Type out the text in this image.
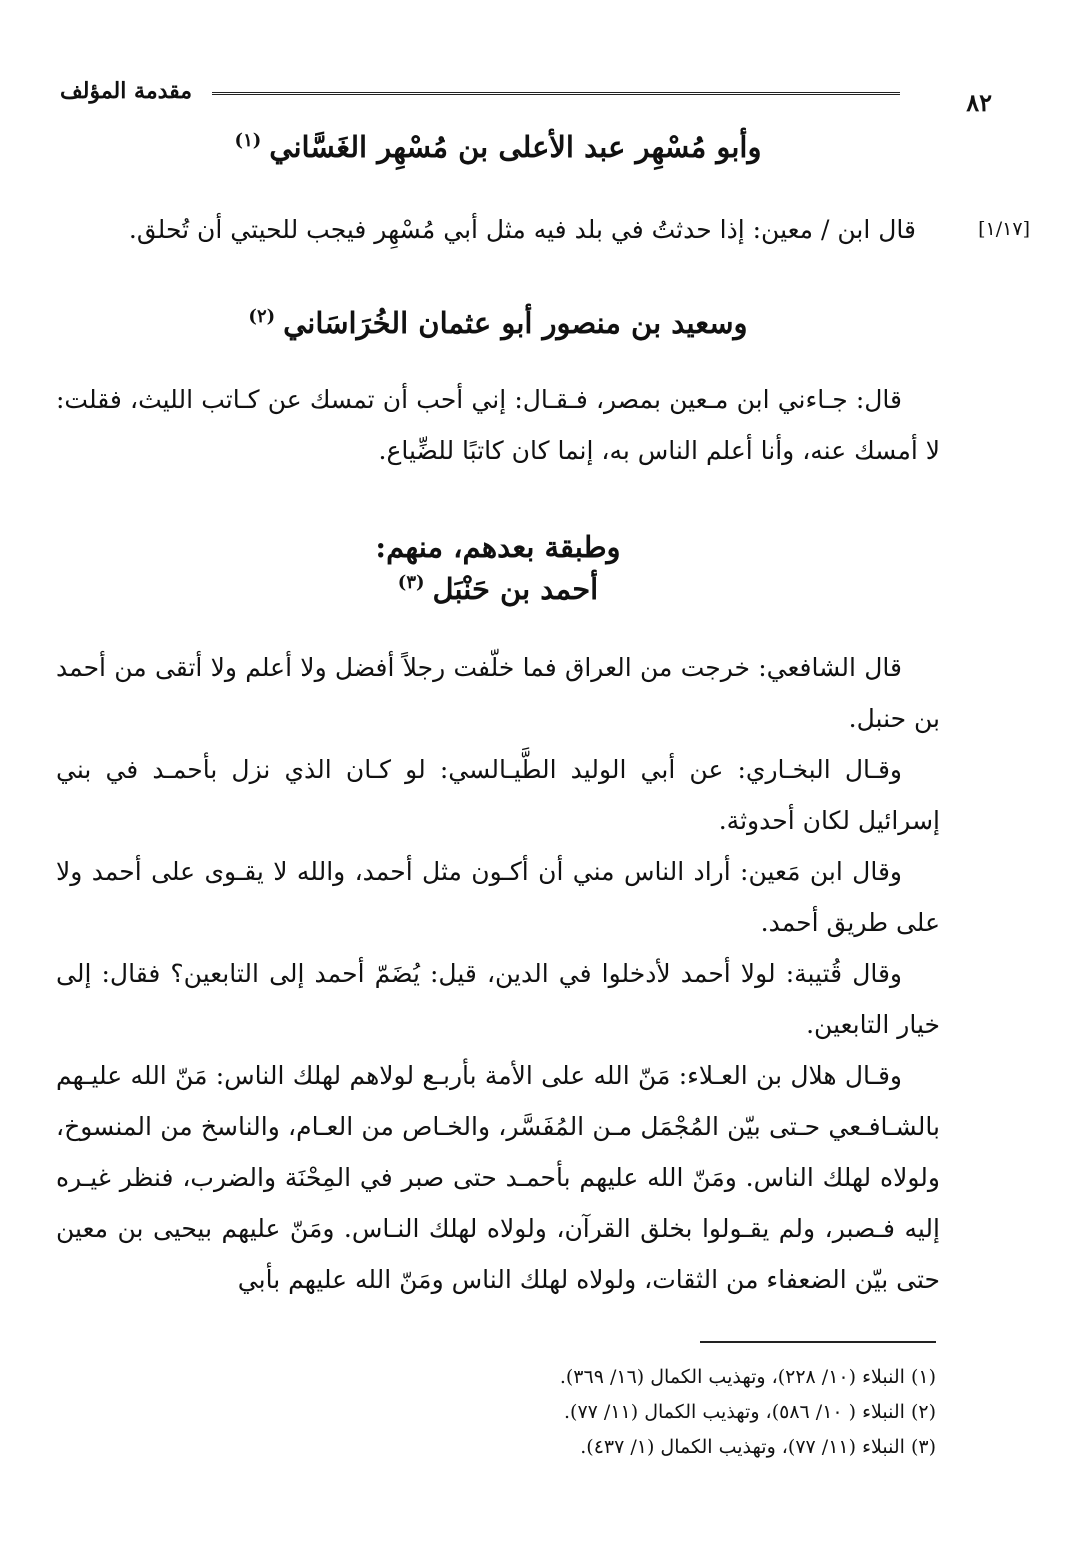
مقدمة المؤلف	٨٢
وأبو مُسْهِر عبد الأعلى بن مُسْهِر الغَسَّاني$^{(١)}$
[١/١٧]

قال ابن / معين: إذا حدثتُ في بلد فيه مثل أبي مُسْهِر فيجب للحيتي أن تُحلق.

وسعيد بن منصور أبو عثمان الخُرَاسَاني$^{(٢)}$

قال: جـاءني ابن مـعين بمصر، فـقـال: إني أحب أن تمسك عن كـاتب الليث، فقلت: لا أمسك عنه، وأنا أعلم الناس به، إنما كان كاتبًا للضِّياع.

وطبقة بعدهم، منهم:
أحمد بن حَنْبَل$^{(٣)}$

قال الشافعي: خرجت من العراق فما خلّفت رجلاً أفضل ولا أعلم ولا أتقى من أحمد بن حنبل.

وقـال البخـاري: عن أبي الوليد الطَّيـالسي: لو كـان الذي نزل بأحمـد في بني إسرائيل لكان أحدوثة.

وقال ابن مَعين: أراد الناس مني أن أكـون مثل أحمد، والله لا يقـوى على أحمد ولا على طريق أحمد.

وقال قُتيبة: لولا أحمد لأدخلوا في الدين، قيل: يُضَمّ أحمد إلى التابعين؟ فقال: إلى خيار التابعين.

وقـال هلال بن العـلاء: مَنّ الله على الأمة بأربـع لولاهم لهلك الناس: مَنّ الله عليـهم بالشـافـعي حـتى بيّن المُجْمَل مـن المُفَسَّر، والخـاص من العـام، والناسخ من المنسوخ، ولولاه لهلك الناس. ومَنّ الله عليهم بأحمـد حتى صبر في المِحْنَة والضرب، فنظر غيـره إليه فـصبر، ولم يقـولوا بخلق القرآن، ولولاه لهلك النـاس. ومَنّ عليهم بيحيى بن معين حتى بيّن الضعفاء من الثقات، ولولاه لهلك الناس ومَنّ الله عليهم بأبي

(١) النبلاء (١٠/ ٢٢٨)، وتهذيب الكمال (١٦/ ٣٦٩).

(٢) النبلاء ( ١٠/ ٥٨٦)، وتهذيب الكمال (١١/ ٧٧).

(٣) النبلاء (١١/ ٧٧)، وتهذيب الكمال (١/ ٤٣٧).
